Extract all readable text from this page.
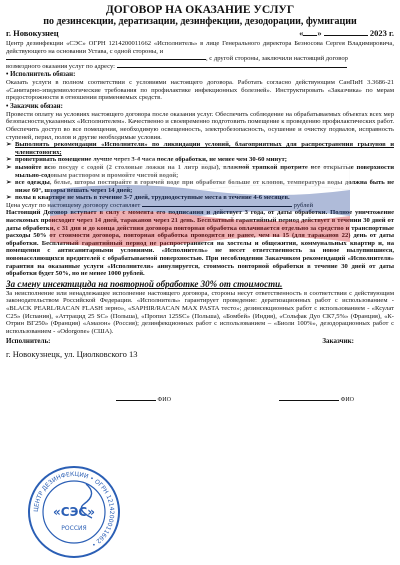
ДОГОВОР НА ОКАЗАНИЕ УСЛУГ
по дезинсекции, дератизации, дезинфекции, дезодорации, фумигации
г. Новокузнец	« »	2023 г.

Центр дезинфекции «СЭС» ОГРН 1214200011662 «Исполнитель» в лице Генерального директора Безносова Сергея Владимировича, действующего на основании Устава, с одной стороны, и

, с другой стороны, заключили настоящий договор

возмездного оказания услуг по адресу:

• Исполнитель обязан:

Оказать услуги в полном соответствии с условиями настоящего договора. Работать согласно действующим СанПиН 3.3686-21 «Санитарно-эпидемиологические требования по профилактике инфекционных болезней». Инструктировать «Заказчика» по мерам предосторожности в отношении применяемых средств.

• Заказчик обязан:

Провести оплату на условиях настоящего договора после оказания услуг. Обеспечить соблюдение на обрабатываемых объектах всех мер безопасности,указанных «Исполнителем». Качественно и своевременно подготовить помещение к проведению профилактических работ. Обеспечить доступ во все помещения, необходимую освещенность, электробезопасность, осушение и очистку подвалов, исправность ступеней, перил, полов и другие необходимые условия.

➢ Выполнять рекомендации «Исполнителя» по ликвидации условий, благоприятных для распространения грызунов и членистоногих;
➢ проветривать помещение лучше через 3-4 часа после обработки, не менее чем 30-60 минут;
➢ вымойте всю посуду с содой (2 столовые ложки на 1 литр воды), влажной тряпкой протрите все открытые поверхности мыльно-содовым раствором и промойте чистой водой;
➢ все одежды, белье, шторы постирайте в горячей воде при обработке больше от клопов, температура воды должна быть не ниже 60°, шторы вешать через 14 дней;
➢ полы в квартире не мыть в течение 3-7 дней, труднодоступные места в течение 4-6 месяцев.

Цена услуг по настоящему договору составляет	рублей

Настоящий Договор вступает в силу с момента его подписания и действует 3 года, от даты обработки. Полное уничтожение насекомых происходит через 14 дней, тараканов через 21 день. Бесплатный гарантийный период действует в течении 30 дней от даты обработки, с 31 дня и до конца действия договора повторная обработка оплачивается отдельно за средство и транспортные расходы 50% от стоимости договора, повторная обработка проводится не ранее, чем на 15 (для тараканов 22) день от даты обработки. Бесплатный гарантийный период не распространяется на хостелы и общежития, коммунальных квартир и, на помещения с антисанитарными условиями. «Исполнитель» не несет ответственность за новое вылупившиеся, новонаселяющихся вредителей с обрабатываемой поверхностью. При несоблюдении Заказчиком рекомендаций «Исполнителя» гарантия на оказанные услуги «Исполнителя» аннулируется, стоимость повторной обработки в течение 30 дней от даты обработки будет 50%, но не менее 1000 рублей.

За смену инсектицида на повторной обработке 30% от стоимости.

За неисполнение или ненадлежащее исполнение настоящего договора, стороны несут ответственность в соответствии с действующим законодательством Российской Федерации. «Исполнитель» гарантирует проведение: дератизационных работ с использованием - «BLACK PEARL/RACAN FLASH зерно», «SAPHIR/RACAN MAX PASTA тесто»; дезинсекционных работ с использованием - «Ксулат С25» (Испания), «Аттрацид 25 SC» (Польша), «Пропил 125SC» (Польша), «Бомбей» (Индия), «Сольфак Дуо СК7,5%» (Франция), «К-Отрин ВГ250» (Франция) «Амазон» (Россия); дезинфекционных работ с использованием – «Биоли 100%», дезодорационных работ с использованием - «Odorgone» (США).

Исполнитель:	Заказчик:
г. Новокузнецк, ул. Циолковского 13
ФИО	ФИО
ЦЕНТР ДЕЗИНФЕКЦИИ • ОГРН 1214200011662 •
«СЭС»
РОССИЯ
